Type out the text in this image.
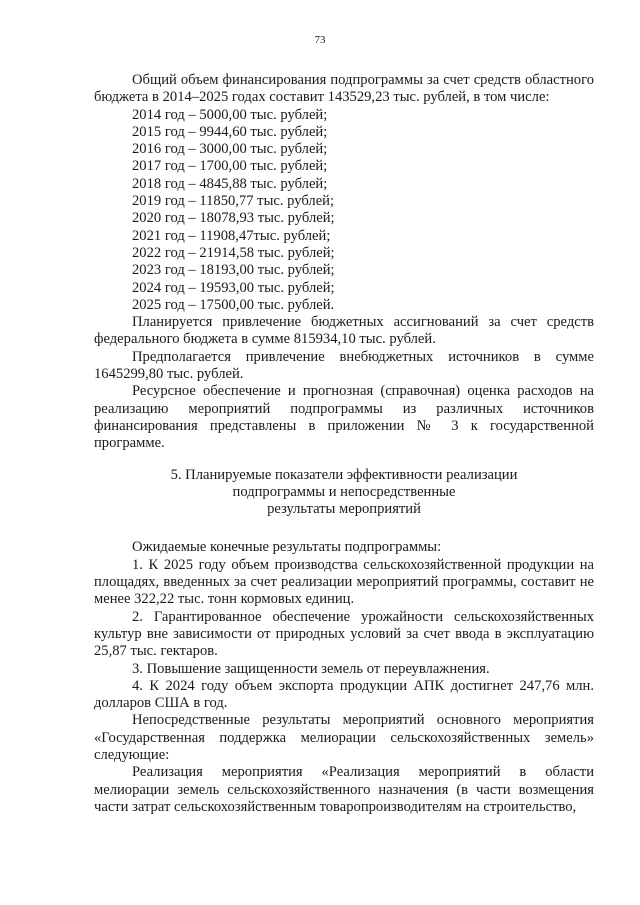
73

Общий объем финансирования подпрограммы за счет средств областного бюджета в 2014–2025 годах составит 143529,23 тыс. рублей, в том числе:

2014 год – 5000,00 тыс. рублей;

2015 год – 9944,60 тыс. рублей;

2016 год – 3000,00 тыс. рублей;

2017 год – 1700,00 тыс. рублей;

2018 год – 4845,88 тыс. рублей;

2019 год – 11850,77 тыс. рублей;

2020 год – 18078,93 тыс. рублей;

2021 год – 11908,47тыс. рублей;

2022 год – 21914,58 тыс. рублей;

2023 год – 18193,00 тыс. рублей;

2024 год – 19593,00 тыс. рублей;

2025 год – 17500,00 тыс. рублей.

Планируется привлечение бюджетных ассигнований за счет средств федерального бюджета в сумме 815934,10 тыс. рублей.

Предполагается привлечение внебюджетных источников в сумме 1645299,80 тыс. рублей.

Ресурсное обеспечение и прогнозная (справочная) оценка расходов на реализацию мероприятий подпрограммы из различных источников финансирования представлены в приложении № 3 к государственной программе.

5. Планируемые показатели эффективности реализации
подпрограммы и непосредственные
результаты мероприятий

Ожидаемые конечные результаты подпрограммы:

1. К 2025 году объем производства сельскохозяйственной продукции на площадях, введенных за счет реализации мероприятий программы, составит не менее 322,22 тыс. тонн кормовых единиц.

2. Гарантированное обеспечение урожайности сельскохозяйственных культур вне зависимости от природных условий за счет ввода в эксплуатацию 25,87 тыс. гектаров.

3. Повышение защищенности земель от переувлажнения.

4. К 2024 году объем экспорта продукции АПК достигнет 247,76 млн. долларов США в год.

Непосредственные результаты мероприятий основного мероприятия «Государственная поддержка мелиорации сельскохозяйственных земель» следующие:

Реализация мероприятия «Реализация мероприятий в области мелиорации земель сельскохозяйственного назначения (в части возмещения части затрат сельскохозяйственным товаропроизводителям на строительство,
